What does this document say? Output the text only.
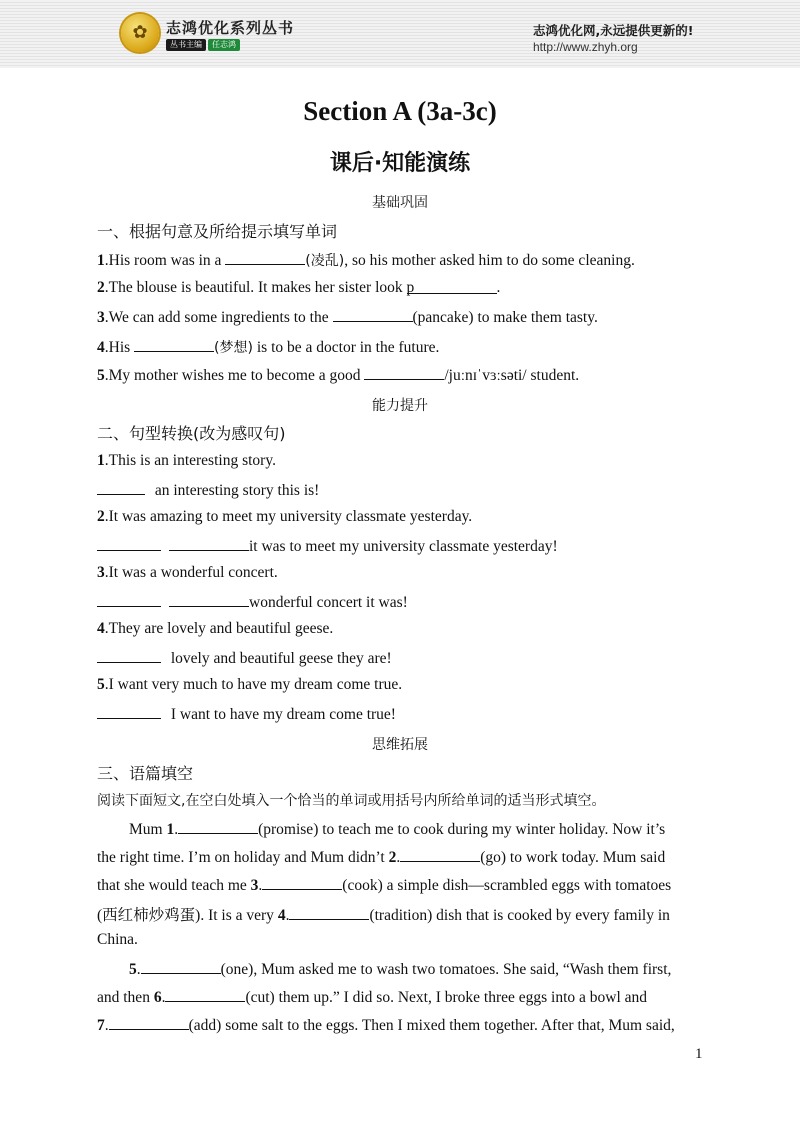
✿	志鸿优化系列丛书
丛书主编	任志鸿
志鸿优化网,永远提供更新的!
http://www.zhyh.org
Section A (3a-3c)
课后·知能演练
基础巩固
一、根据句意及所给提示填写单词
1.His room was in a	(凌乱), so his mother asked him to do some cleaning.
2.The blouse is beautiful. It makes her sister look p	.
3.We can add some ingredients to the	(pancake) to make them tasty.
4.His	(梦想) is to be a doctor in the future.
5.My mother wishes me to become a good	/juːnɪˈvɜːsəti/ student.
能力提升
二、句型转换(改为感叹句)
1.This is an interesting story.
an interesting story this is!
2.It was amazing to meet my university classmate yesterday.
it was to meet my university classmate yesterday!
3.It was a wonderful concert.
wonderful concert it was!
4.They are lovely and beautiful geese.
lovely and beautiful geese they are!
5.I want very much to have my dream come true.
I want to have my dream come true!
思维拓展
三、语篇填空
阅读下面短文,在空白处填入一个恰当的单词或用括号内所给单词的适当形式填空。
Mum 1.	(promise) to teach me to cook during my winter holiday. Now it’s
the right time. I’m on holiday and Mum didn’t 2.	(go) to work today. Mum said
that she would teach me 3.	(cook) a simple dish—scrambled eggs with tomatoes
(西红柿炒鸡蛋). It is a very 4.	(tradition) dish that is cooked by every family in
China.
5.	(one), Mum asked me to wash two tomatoes. She said, “Wash them first,
and then 6.	(cut) them up.” I did so. Next, I broke three eggs into a bowl and
7.	(add) some salt to the eggs. Then I mixed them together. After that, Mum said,
1
